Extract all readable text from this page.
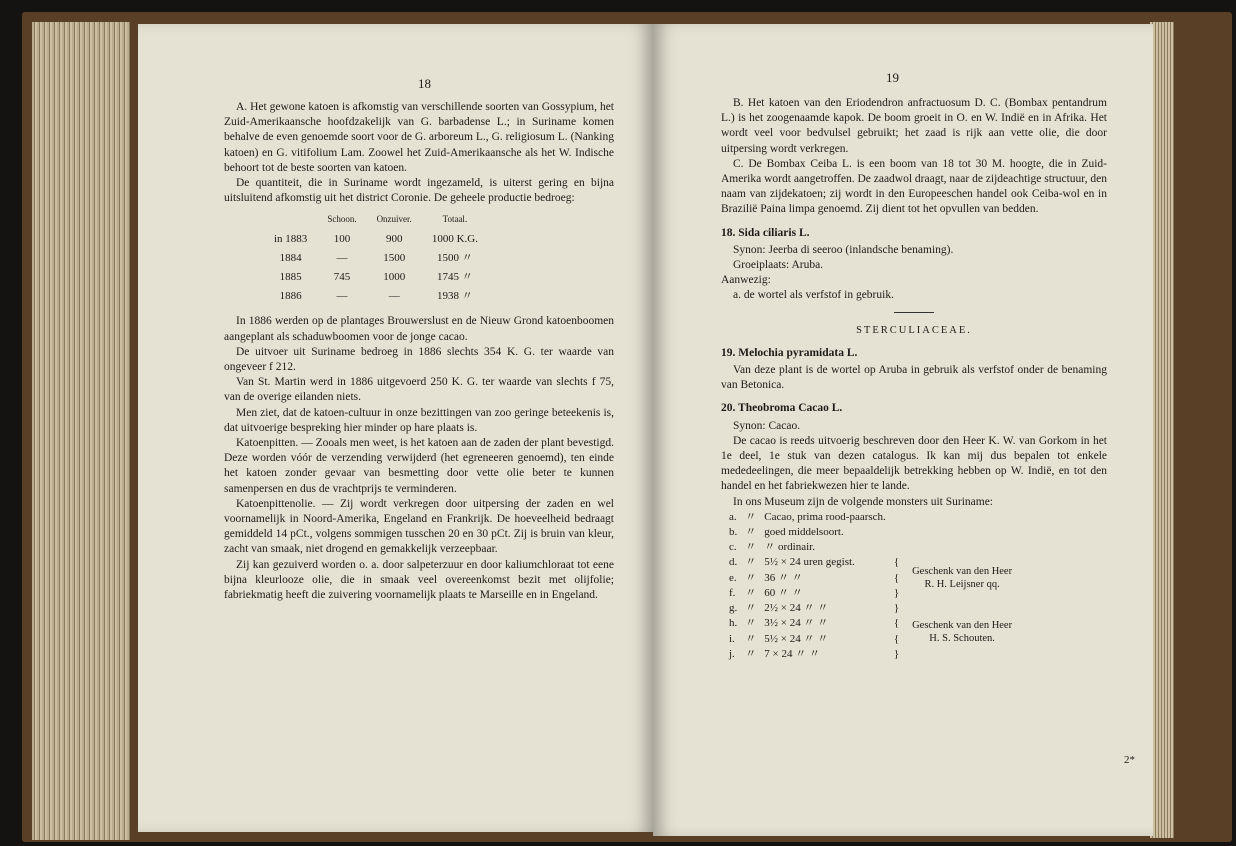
18

A. Het gewone katoen is afkomstig van verschillende soorten van Gossypium, het Zuid-Amerikaansche hoofdzakelijk van G. barbadense L.; in Suriname komen behalve de even genoemde soort voor de G. arboreum L., G. religiosum L. (Nanking katoen) en G. vitifolium Lam. Zoowel het Zuid-Amerikaansche als het W. Indische behoort tot de beste soorten van katoen.

De quantiteit, die in Suriname wordt ingezameld, is uiterst gering en bijna uitsluitend afkomstig uit het district Coronie. De geheele productie bedroeg:

	Schoon.	Onzuiver.	Totaal.
in 1883	100	900	1000 K.G.
1884	—	1500	1500 〃
1885	745	1000	1745 〃
1886	—	—	1938 〃

In 1886 werden op de plantages Brouwerslust en de Nieuw Grond katoenboomen aangeplant als schaduwboomen voor de jonge cacao.

De uitvoer uit Suriname bedroeg in 1886 slechts 354 K. G. ter waarde van ongeveer f 212.

Van St. Martin werd in 1886 uitgevoerd 250 K. G. ter waarde van slechts f 75, van de overige eilanden niets.

Men ziet, dat de katoen-cultuur in onze bezittingen van zoo geringe beteekenis is, dat uitvoerige bespreking hier minder op hare plaats is.

Katoenpitten. — Zooals men weet, is het katoen aan de zaden der plant bevestigd. Deze worden vóór de verzending verwijderd (het egreneeren genoemd), ten einde het katoen zonder gevaar van besmetting door vette olie beter te kunnen samenpersen en dus de vrachtprijs te verminderen.

Katoenpittenolie. — Zij wordt verkregen door uitpersing der zaden en wel voornamelijk in Noord-Amerika, Engeland en Frankrijk. De hoeveelheid bedraagt gemiddeld 14 pCt., volgens sommigen tusschen 20 en 30 pCt. Zij is bruin van kleur, zacht van smaak, niet drogend en gemakkelijk verzeepbaar.

Zij kan gezuiverd worden o. a. door salpeterzuur en door kaliumchloraat tot eene bijna kleurlooze olie, die in smaak veel overeenkomst bezit met olijfolie; fabriekmatig heeft die zuivering voornamelijk plaats te Marseille en in Engeland.

19

B. Het katoen van den Eriodendron anfractuosum D. C. (Bombax pentandrum L.) is het zoogenaamde kapok. De boom groeit in O. en W. Indië en in Afrika. Het wordt veel voor bedvulsel gebruikt; het zaad is rijk aan vette olie, die door uitpersing wordt verkregen.

C. De Bombax Ceiba L. is een boom van 18 tot 30 M. hoogte, die in Zuid-Amerika wordt aangetroffen. De zaadwol draagt, naar de zijdeachtige structuur, den naam van zijdekatoen; zij wordt in den Europeeschen handel ook Ceiba-wol en in Brazilië Paina limpa genoemd. Zij dient tot het opvullen van bedden.

18. Sida ciliaris L.

Synon: Jeerba di seeroo (inlandsche benaming).

Groeiplaats: Aruba.

Aanwezig:

a. de wortel als verfstof in gebruik.

STERCULIACEAE.
19. Melochia pyramidata L.

Van deze plant is de wortel op Aruba in gebruik als verfstof onder de benaming van Betonica.

20. Theobroma Cacao L.

Synon: Cacao.

De cacao is reeds uitvoerig beschreven door den Heer K. W. van Gorkom in het 1e deel, 1e stuk van dezen catalogus. Ik kan mij dus bepalen tot enkele mededeelingen, die meer bepaaldelijk betrekking hebben op W. Indië, en tot den handel en het fabriekwezen hier te lande.

In ons Museum zijn de volgende monsters uit Suriname:

a.	〃	Cacao, prima rood-paarsch.		
b.	〃	goed middelsoort.		
c.	〃	〃 ordinair.		
d.	〃	5½ × 24 uren gegist.	{	Geschenk van den Heer R. H. Leijsner qq.
e.	〃	36 〃 〃	{	
f.	〃	60 〃 〃	}	
g.	〃	2½ × 24 〃 〃	}	Geschenk van den Heer H. S. Schouten.
h.	〃	3½ × 24 〃 〃	{	
i.	〃	5½ × 24 〃 〃	{	
j.	〃	7 × 24 〃 〃	}	
2*
